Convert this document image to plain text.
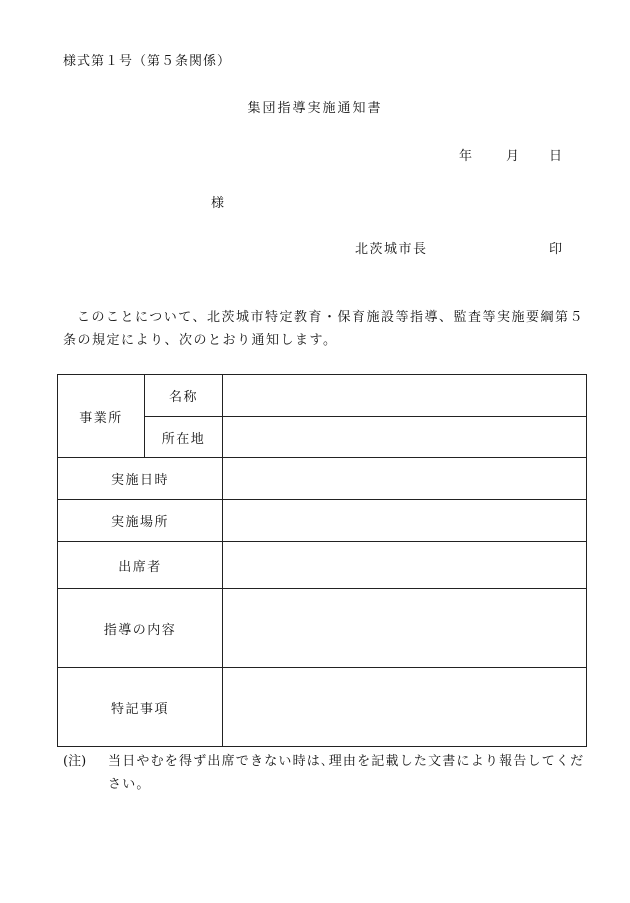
様式第１号（第５条関係）
集団指導実施通知書
年	月 日
様
北茨城市長	印
このことについて、北茨城市特定教育・保育施設等指導、監査等実施要綱第５条の規定により、次のとおり通知します。
事業所	名称	
	所在地	
実施日時		
実施場所		
出席者		
指導の内容		
特記事項		
(注) 当日やむを得ず出席できない時は､理由を記載した文書により報告してください。
